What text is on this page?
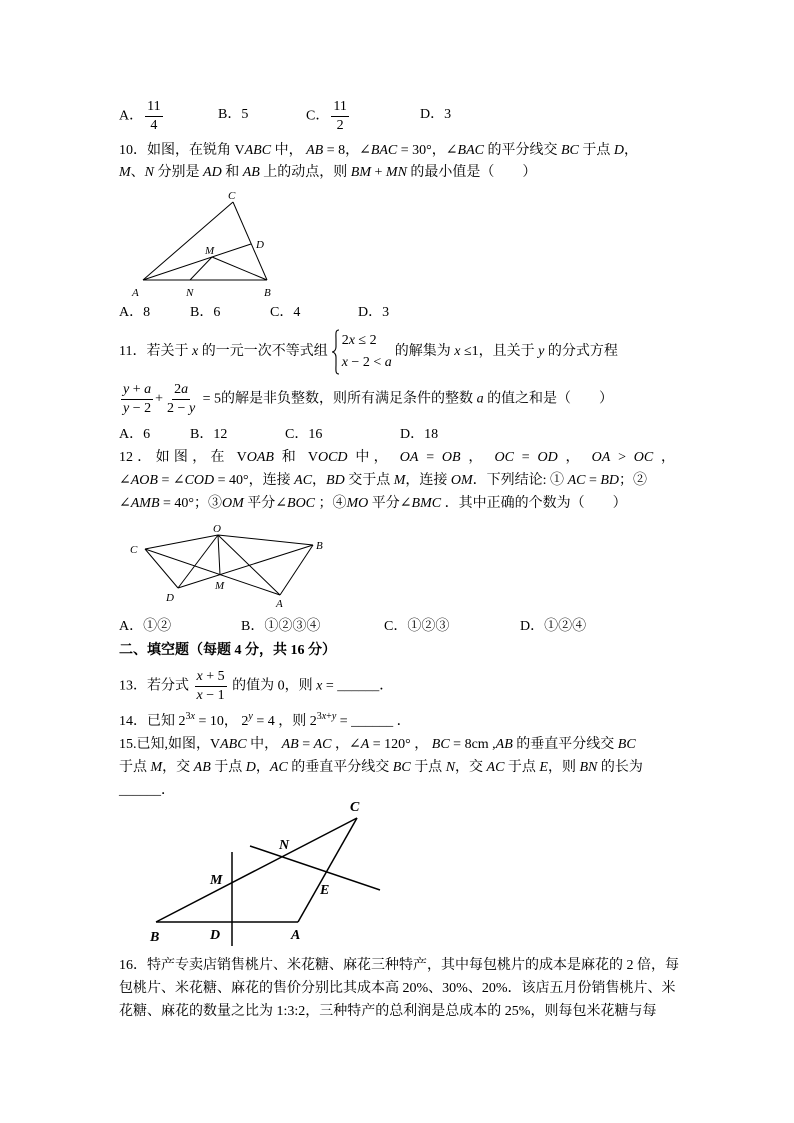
A． $\frac{11}{4}$	B．5	C． $\frac{11}{2}$	D．3
10．如图，在锐角 VABC 中， AB = 8，∠BAC = 30°，∠BAC 的平分线交 BC 于点 D，
M、N 分别是 AD 和 AB 上的动点，则 BM + MN 的最小值是（　　）
C
D
M
A	N	B
A．8	B．6	C．4	D．3
11．若关于 x 的一元一次不等式组
2x ≤ 2
x − 2 < a
的解集为 x ≤1，且关于 y 的分式方程
$\frac{y + a}{y - 2} + \frac{2a}{2 - y} = 5$的解是非负整数，则所有满足条件的整数 a 的值之和是（　　）
A．6	B．12	C．16	D．18
12．如图，在 VOAB 和 VOCD 中， OA = OB ， OC = OD ， OA > OC ，
∠AOB = ∠COD = 40°，连接 AC，BD 交于点 M，连接 OM．下列结论: ① AC = BD；②
∠AMB = 40°；③OM 平分∠BOC ；④MO 平分∠BMC ．其中正确的个数为（　　）
O
C	B
D
M
A
A．①②	B．①②③④	C．①②③	D．①②④
二、填空题（每题 4 分，共 16 分）
13．若分式 $\frac{x + 5}{x - 1}$ 的值为 0，则 x = ______．
14．已知 $2^{3x} = 10$， $2^y = 4$ ，则 $2^{3x+y}$ = ______ ．
15.已知,如图，VABC 中， AB = AC ，∠A = 120° ， BC = 8cm ,AB 的垂直平分线交 BC
于点 M，交 AB 于点 D，AC 的垂直平分线交 BC 于点 N，交 AC 于点 E，则 BN 的长为
______．
C
N
M
E
B	D	A
16．特产专卖店销售桃片、米花糖、麻花三种特产，其中每包桃片的成本是麻花的 2 倍，每
包桃片、米花糖、麻花的售价分别比其成本高 20%、30%、20%．该店五月份销售桃片、米
花糖、麻花的数量之比为 1:3:2，三种特产的总利润是总成本的 25%，则每包米花糖与每
